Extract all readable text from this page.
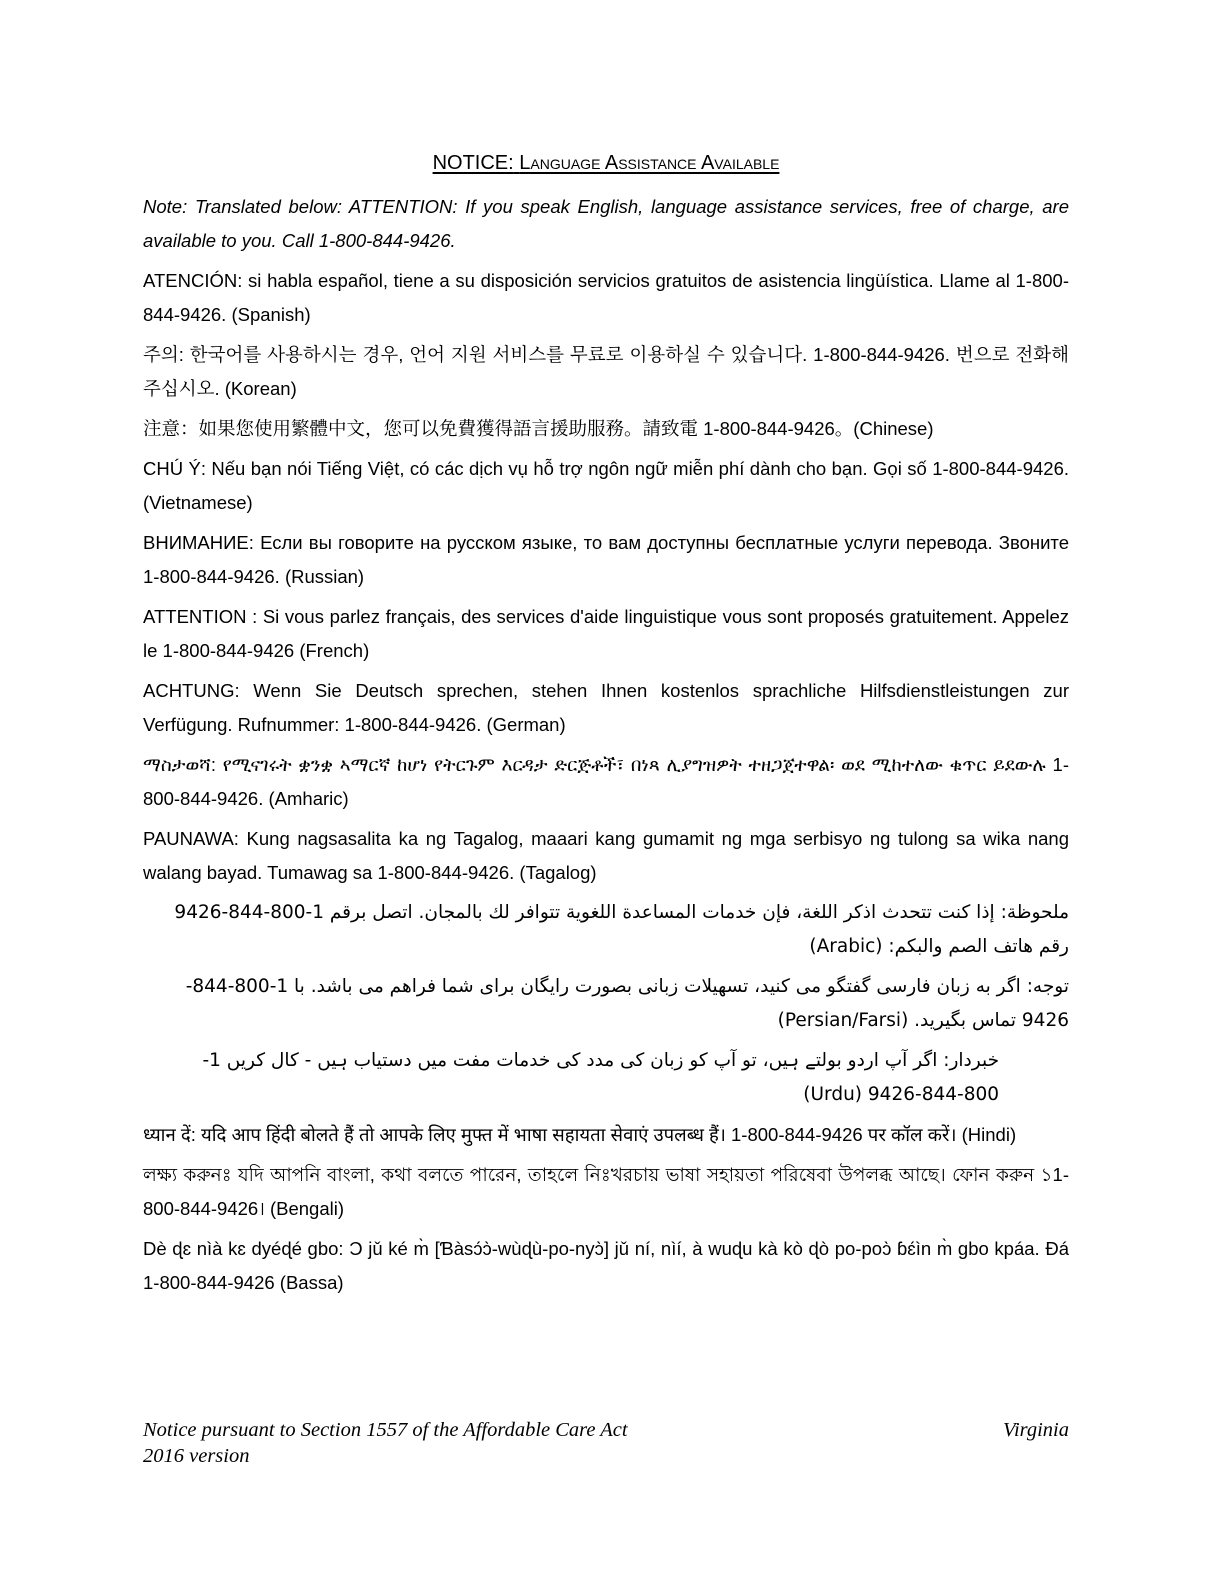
NOTICE: Language Assistance Available

Note: Translated below: ATTENTION: If you speak English, language assistance services, free of charge, are available to you. Call 1-800-844-9426.

ATENCIÓN: si habla español, tiene a su disposición servicios gratuitos de asistencia lingüística. Llame al 1-800-844-9426. (Spanish)

주의: 한국어를 사용하시는 경우, 언어 지원 서비스를 무료로 이용하실 수 있습니다. 1-800-844-9426. 번으로 전화해 주십시오. (Korean)

注意：如果您使用繁體中文，您可以免費獲得語言援助服務。請致電 1-800-844-9426。(Chinese)

CHÚ Ý: Nếu bạn nói Tiếng Việt, có các dịch vụ hỗ trợ ngôn ngữ miễn phí dành cho bạn. Gọi số 1-800-844-9426. (Vietnamese)

ВНИМАНИЕ: Если вы говорите на русском языке, то вам доступны бесплатные услуги перевода. Звоните 1-800-844-9426. (Russian)

ATTENTION : Si vous parlez français, des services d'aide linguistique vous sont proposés gratuitement. Appelez le 1-800-844-9426 (French)

ACHTUNG: Wenn Sie Deutsch sprechen, stehen Ihnen kostenlos sprachliche Hilfsdienstleistungen zur Verfügung. Rufnummer: 1-800-844-9426. (German)

ማስታወሻ: የሚናገሩት ቋንቋ ኣማርኛ ከሆነ የትርጉም እርዳታ ድርጅቶች፣ በነጻ ሊያግዝዎት ተዘጋጀተዋል፡ ወደ ሚከተለው ቁጥር ይደውሉ 1-800-844-9426. (Amharic)

PAUNAWA: Kung nagsasalita ka ng Tagalog, maaari kang gumamit ng mga serbisyo ng tulong sa wika nang walang bayad. Tumawag sa 1-800-844-9426. (Tagalog)

ملحوظة: إذا كنت تتحدث اذكر اللغة، فإن خدمات المساعدة اللغوية تتوافر لك بالمجان. اتصل برقم 1-800-844-9426 رقم هاتف الصم والبكم: (Arabic)

توجه: اگر به زبان فارسی گفتگو می کنید، تسهیلات زبانی بصورت رایگان برای شما فراهم می باشد. با 1-800-844-9426 تماس بگیرید. (Persian/Farsi)

خبردار: اگر آپ اردو بولتے ہیں، تو آپ کو زبان کی مدد کی خدمات مفت میں دستیاب ہیں - کال کریں 1-800-844-9426 (Urdu)

ध्यान दें: यदि आप हिंदी बोलते हैं तो आपके लिए मुफ्त में भाषा सहायता सेवाएं उपलब्ध हैं। 1-800-844-9426 पर कॉल करें। (Hindi)

লক্ষ্য করুনঃ যদি আপনি বাংলা, কথা বলতে পারেন, তাহলে নিঃখরচায় ভাষা সহায়তা পরিষেবা উপলব্ধ আছে। ফোন করুন ১1-800-844-9426। (Bengali)

Dè ɖɛ nìà kɛ dyéɖé gbo: Ɔ jǔ ké m̀ [Ɓàsɔ́ɔ̀-wùɖù-po-nyɔ̀] jǔ ní, nìí, à wuɖu kà kò ɖò po-poɔ̀ ɓɛ́ìn m̀ gbo kpáa. Ɖá 1-800-844-9426 (Bassa)

Notice pursuant to Section 1557 of the Affordable Care Act	Virginia
2016 version
